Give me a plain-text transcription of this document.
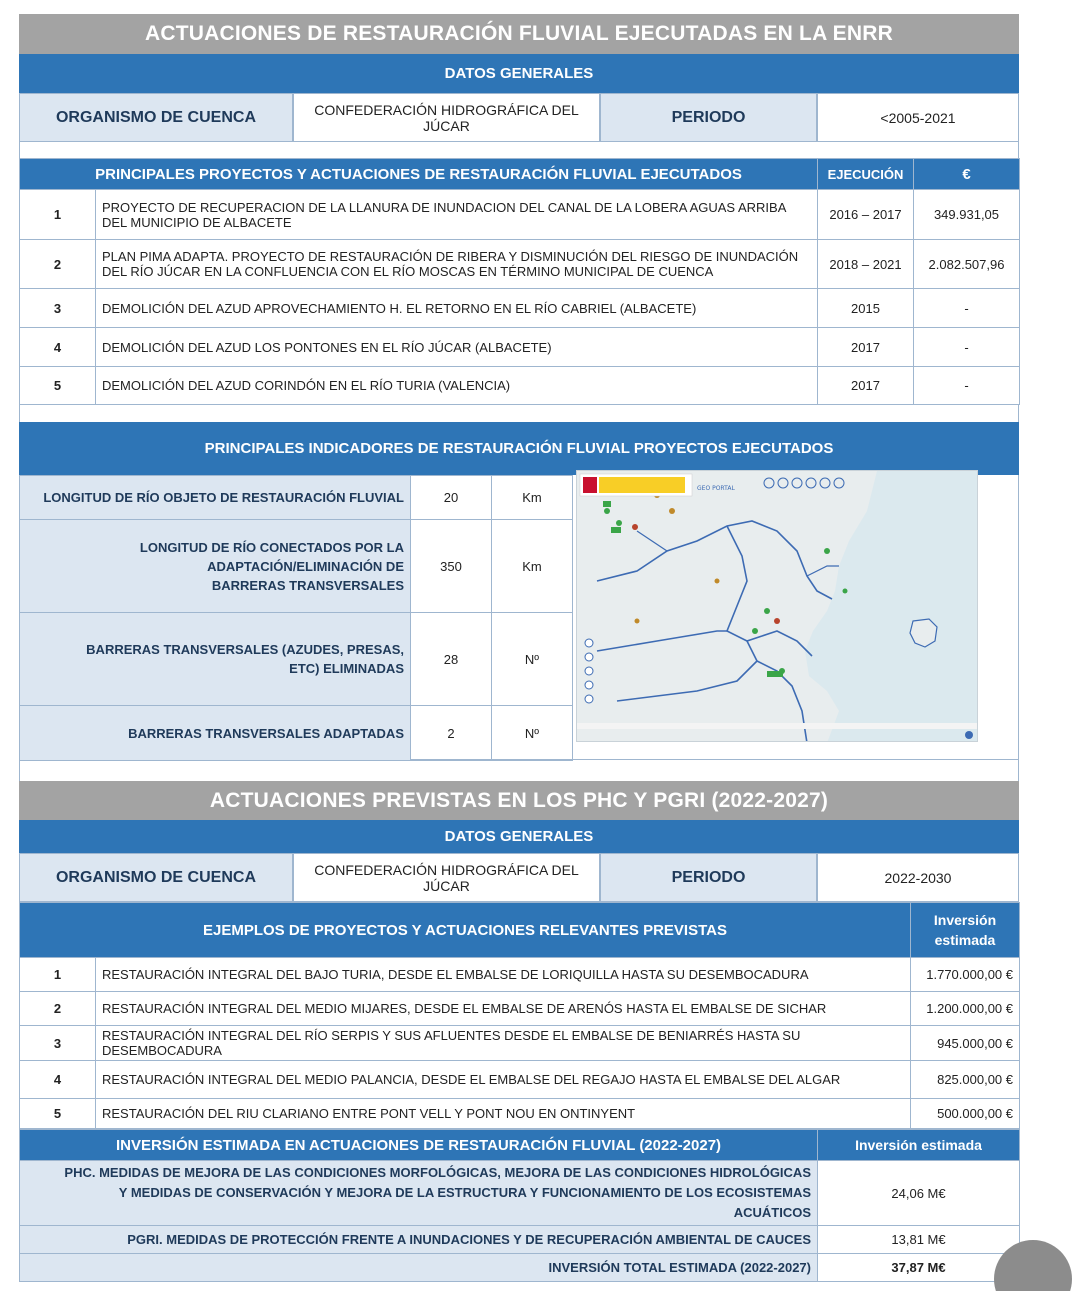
ACTUACIONES DE RESTAURACIÓN FLUVIAL EJECUTADAS EN LA ENRR
DATOS GENERALES
ORGANISMO DE CUENCA	CONFEDERACIÓN HIDROGRÁFICA DEL JÚCAR	PERIODO	<2005-2021
PRINCIPALES PROYECTOS Y ACTUACIONES DE RESTAURACIÓN FLUVIAL EJECUTADOS		EJECUCIÓN	€
1	PROYECTO DE RECUPERACION DE LA LLANURA DE INUNDACION DEL CANAL DE LA LOBERA AGUAS ARRIBA DEL MUNICIPIO DE ALBACETE	2016 – 2017	349.931,05
2	PLAN PIMA ADAPTA. PROYECTO DE RESTAURACIÓN DE RIBERA Y DISMINUCIÓN DEL RIESGO DE INUNDACIÓN DEL RÍO JÚCAR EN LA CONFLUENCIA CON EL RÍO MOSCAS EN TÉRMINO MUNICIPAL DE CUENCA	2018 – 2021	2.082.507,96
3	DEMOLICIÓN DEL AZUD APROVECHAMIENTO H. EL RETORNO EN EL RÍO CABRIEL (ALBACETE)	2015	-
4	DEMOLICIÓN DEL AZUD LOS PONTONES EN EL RÍO JÚCAR (ALBACETE)	2017	-
5	DEMOLICIÓN DEL AZUD CORINDÓN EN EL RÍO TURIA (VALENCIA)	2017	-
PRINCIPALES INDICADORES DE RESTAURACIÓN FLUVIAL PROYECTOS EJECUTADOS
LONGITUD DE RÍO OBJETO DE RESTAURACIÓN FLUVIAL	20	Km
LONGITUD DE RÍO CONECTADOS POR LA ADAPTACIÓN/ELIMINACIÓN DE BARRERAS TRANSVERSALES	350	Km
BARRERAS TRANSVERSALES (AZUDES, PRESAS, ETC) ELIMINADAS	28	Nº
BARRERAS TRANSVERSALES ADAPTADAS	2	Nº
ACTUACIONES PREVISTAS EN LOS PHC Y PGRI (2022-2027)
DATOS GENERALES
ORGANISMO DE CUENCA	CONFEDERACIÓN HIDROGRÁFICA DEL JÚCAR	PERIODO	2022-2030
EJEMPLOS DE PROYECTOS Y ACTUACIONES RELEVANTES PREVISTAS		Inversión estimada
1	RESTAURACIÓN INTEGRAL DEL BAJO TURIA, DESDE EL EMBALSE DE LORIQUILLA HASTA SU DESEMBOCADURA	1.770.000,00 €
2	RESTAURACIÓN INTEGRAL DEL MEDIO MIJARES, DESDE EL EMBALSE DE ARENÓS HASTA EL EMBALSE DE SICHAR	1.200.000,00 €
3	RESTAURACIÓN INTEGRAL DEL RÍO SERPIS Y SUS AFLUENTES DESDE EL EMBALSE DE BENIARRÉS HASTA SU DESEMBOCADURA	945.000,00 €
4	RESTAURACIÓN INTEGRAL DEL MEDIO PALANCIA, DESDE EL EMBALSE DEL REGAJO HASTA EL EMBALSE DEL ALGAR	825.000,00 €
5	RESTAURACIÓN DEL RIU CLARIANO ENTRE PONT VELL Y PONT NOU EN ONTINYENT	500.000,00 €
INVERSIÓN ESTIMADA EN ACTUACIONES DE RESTAURACIÓN FLUVIAL (2022-2027)	Inversión estimada
PHC. MEDIDAS DE MEJORA DE LAS CONDICIONES MORFOLÓGICAS, MEJORA DE LAS CONDICIONES HIDROLÓGICAS Y MEDIDAS DE CONSERVACIÓN Y MEJORA DE LA ESTRUCTURA Y FUNCIONAMIENTO DE LOS ECOSISTEMAS ACUÁTICOS	24,06 M€
PGRI. MEDIDAS DE PROTECCIÓN FRENTE A INUNDACIONES Y DE RECUPERACIÓN AMBIENTAL DE CAUCES	13,81 M€
INVERSIÓN TOTAL ESTIMADA (2022-2027)	37,87 M€
GEO PORTAL
